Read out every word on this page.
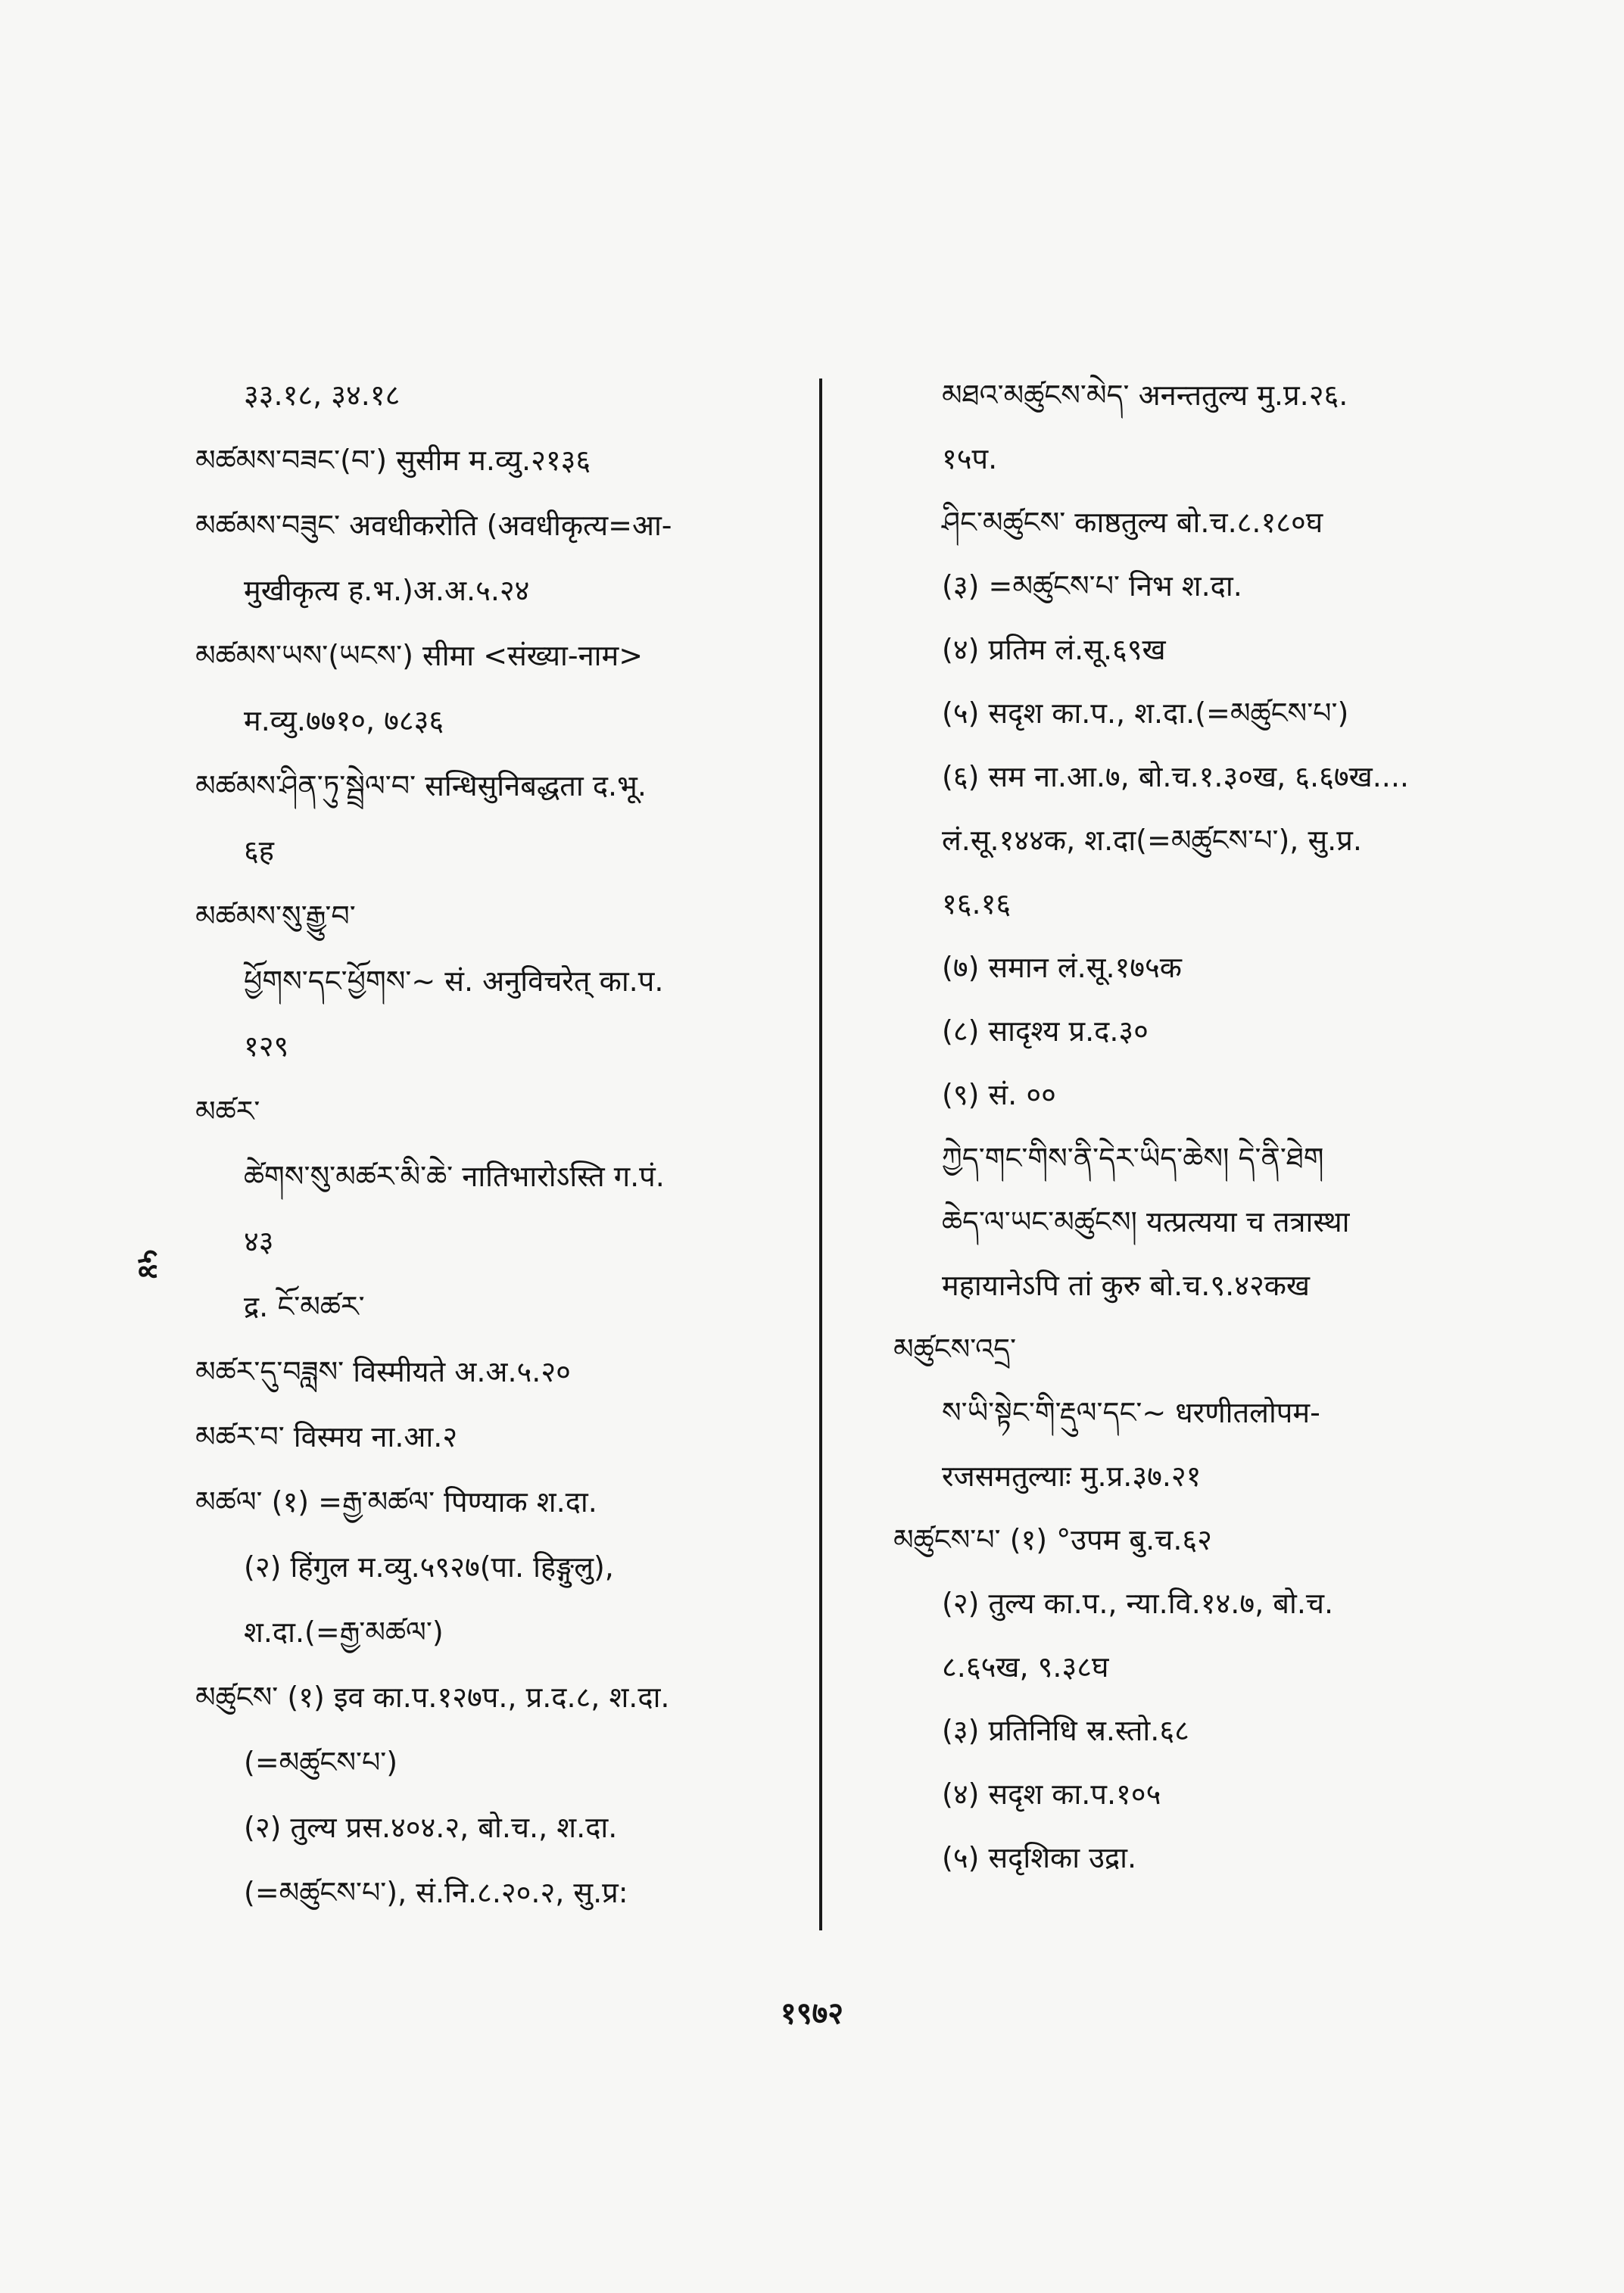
३३.१८, ३४.१८
མཚམས་བཟང་(བ་) सुसीम म.व्यु.२१३६
མཚམས་བཟུང་ अवधीकरोति (अवधीकृत्य=आ-
मुखीकृत्य ह.भ.)अ.अ.५.२४
མཚམས་ཡས་(ཡངས་) सीमा <संख्या-नाम>
म.व्यु.७७१०, ७८३६
མཚམས་ཤིན་ཏུ་སྦྲེལ་བ་ सन्धिसुनिबद्धता द.भू.
६ह
མཚམས་སུ་རྒྱུ་བ་
ཕྱོགས་དང་ཕྱོགས་~ सं. अनुविचरेत् का.प.
१२९
མཚར་
ཚེགས་སུ་མཚར་མི་ཆེ་ नातिभारोऽस्ति ग.पं.
४३
द्र. ངོ་མཚར་
མཚར་དུ་བཟླས་ विस्मीयते अ.अ.५.२०
མཚར་བ་ विस्मय ना.आ.२
མཚལ་ (१) =རྒྱ་མཚལ་ पिण्याक श.दा.
(२) हिंगुल म.व्यु.५९२७(पा. हिङ्गुलु),
श.दा.(=རྒྱ་མཚལ་)
མཚུངས་ (१) इव का.प.१२७प., प्र.द.८, श.दा.
(=མཚུངས་པ་)
(२) तुल्य प्रस.४०४.२, बो.च., श.दा.
(=མཚུངས་པ་), सं.नि.८.२०.२, सु.प्र:
མཐའ་མཚུངས་མེད་ अनन्ततुल्य मु.प्र.२६.
१५प.
ཤིང་མཚུངས་ काष्ठतुल्य बो.च.८.१८०घ
(३) =མཚུངས་པ་ निभ श.दा.
(४) प्रतिम लं.सू.६९ख
(५) सदृश का.प., श.दा.(=མཚུངས་པ་)
(६) सम ना.आ.७, बो.च.१.३०ख, ६.६७ख....
लं.सू.१४४क, श.दा(=མཚུངས་པ་), सु.प्र.
१६.१६
(७) समान लं.सू.१७५क
(८) सादृश्य प्र.द.३०
(९) सं. ००
ཀྱེད་གང་གིས་ནི་དེར་ཡིད་ཆེས། དེ་ནི་ཐེག
ཆེད་ལ་ཡང་མཚུངས། यत्प्रत्यया च तत्रास्था
महायानेऽपि तां कुरु बो.च.९.४२कख
མཚུངས་འདྲ་
ས་ཡི་སྟེང་གི་རྡུལ་དང་~ धरणीतलोपम-
रजसमतुल्याः मु.प्र.३७.२१
མཚུངས་པ་ (१) °उपम बु.च.६२
(२) तुल्य का.प., न्या.वि.१४.७, बो.च.
८.६५ख, ९.३८घ
(३) प्रतिनिधि स्र.स्तो.६८
(४) सदृश का.प.१०५
(५) सदृशिका उद्रा.
५४
१९७२
